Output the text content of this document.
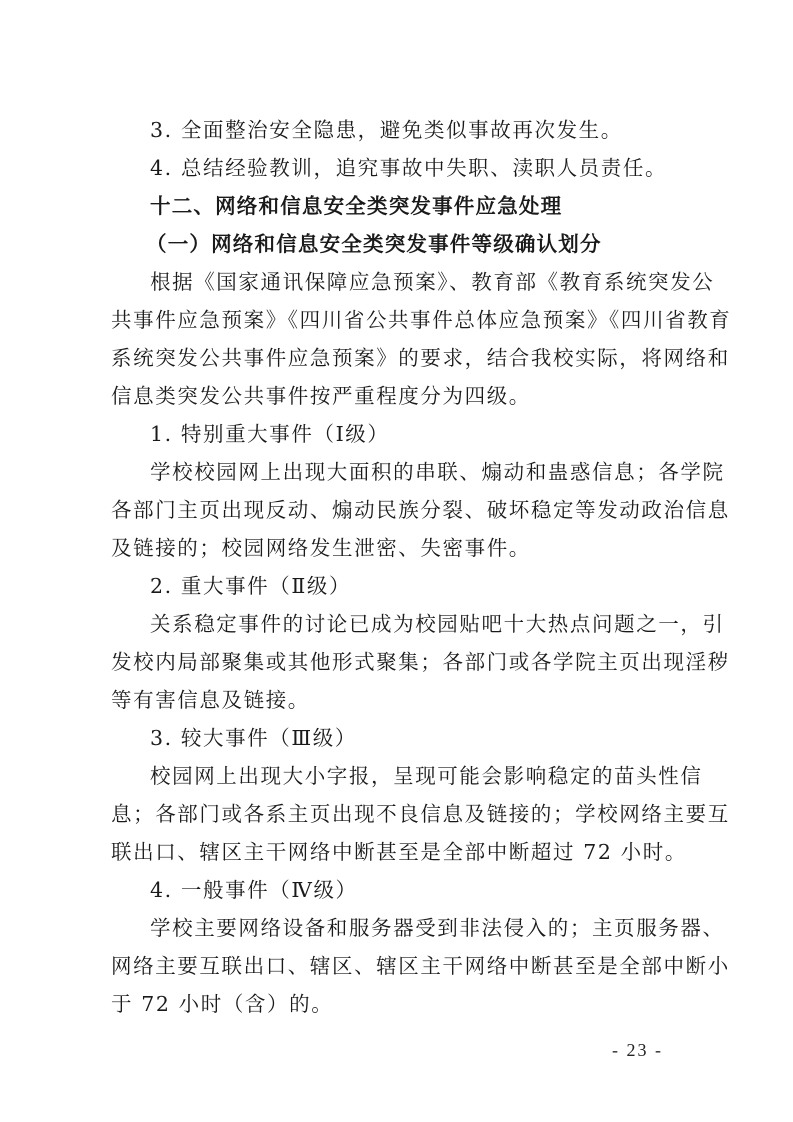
3. 全面整治安全隐患，避免类似事故再次发生。
4. 总结经验教训，追究事故中失职、渎职人员责任。
十二、网络和信息安全类突发事件应急处理
（一）网络和信息安全类突发事件等级确认划分
根据《国家通讯保障应急预案》、教育部《教育系统突发公
共事件应急预案》《四川省公共事件总体应急预案》《四川省教育
系统突发公共事件应急预案》的要求，结合我校实际，将网络和
信息类突发公共事件按严重程度分为四级。
1. 特别重大事件（Ⅰ级）
学校校园网上出现大面积的串联、煽动和蛊惑信息；各学院
各部门主页出现反动、煽动民族分裂、破坏稳定等发动政治信息
及链接的；校园网络发生泄密、失密事件。
2. 重大事件（Ⅱ级）
关系稳定事件的讨论已成为校园贴吧十大热点问题之一，引
发校内局部聚集或其他形式聚集；各部门或各学院主页出现淫秽
等有害信息及链接。
3. 较大事件（Ⅲ级）
校园网上出现大小字报，呈现可能会影响稳定的苗头性信
息；各部门或各系主页出现不良信息及链接的；学校网络主要互
联出口、辖区主干网络中断甚至是全部中断超过 72 小时。
4. 一般事件（Ⅳ级）
学校主要网络设备和服务器受到非法侵入的；主页服务器、
网络主要互联出口、辖区、辖区主干网络中断甚至是全部中断小
于 72 小时（含）的。
- 23 -
